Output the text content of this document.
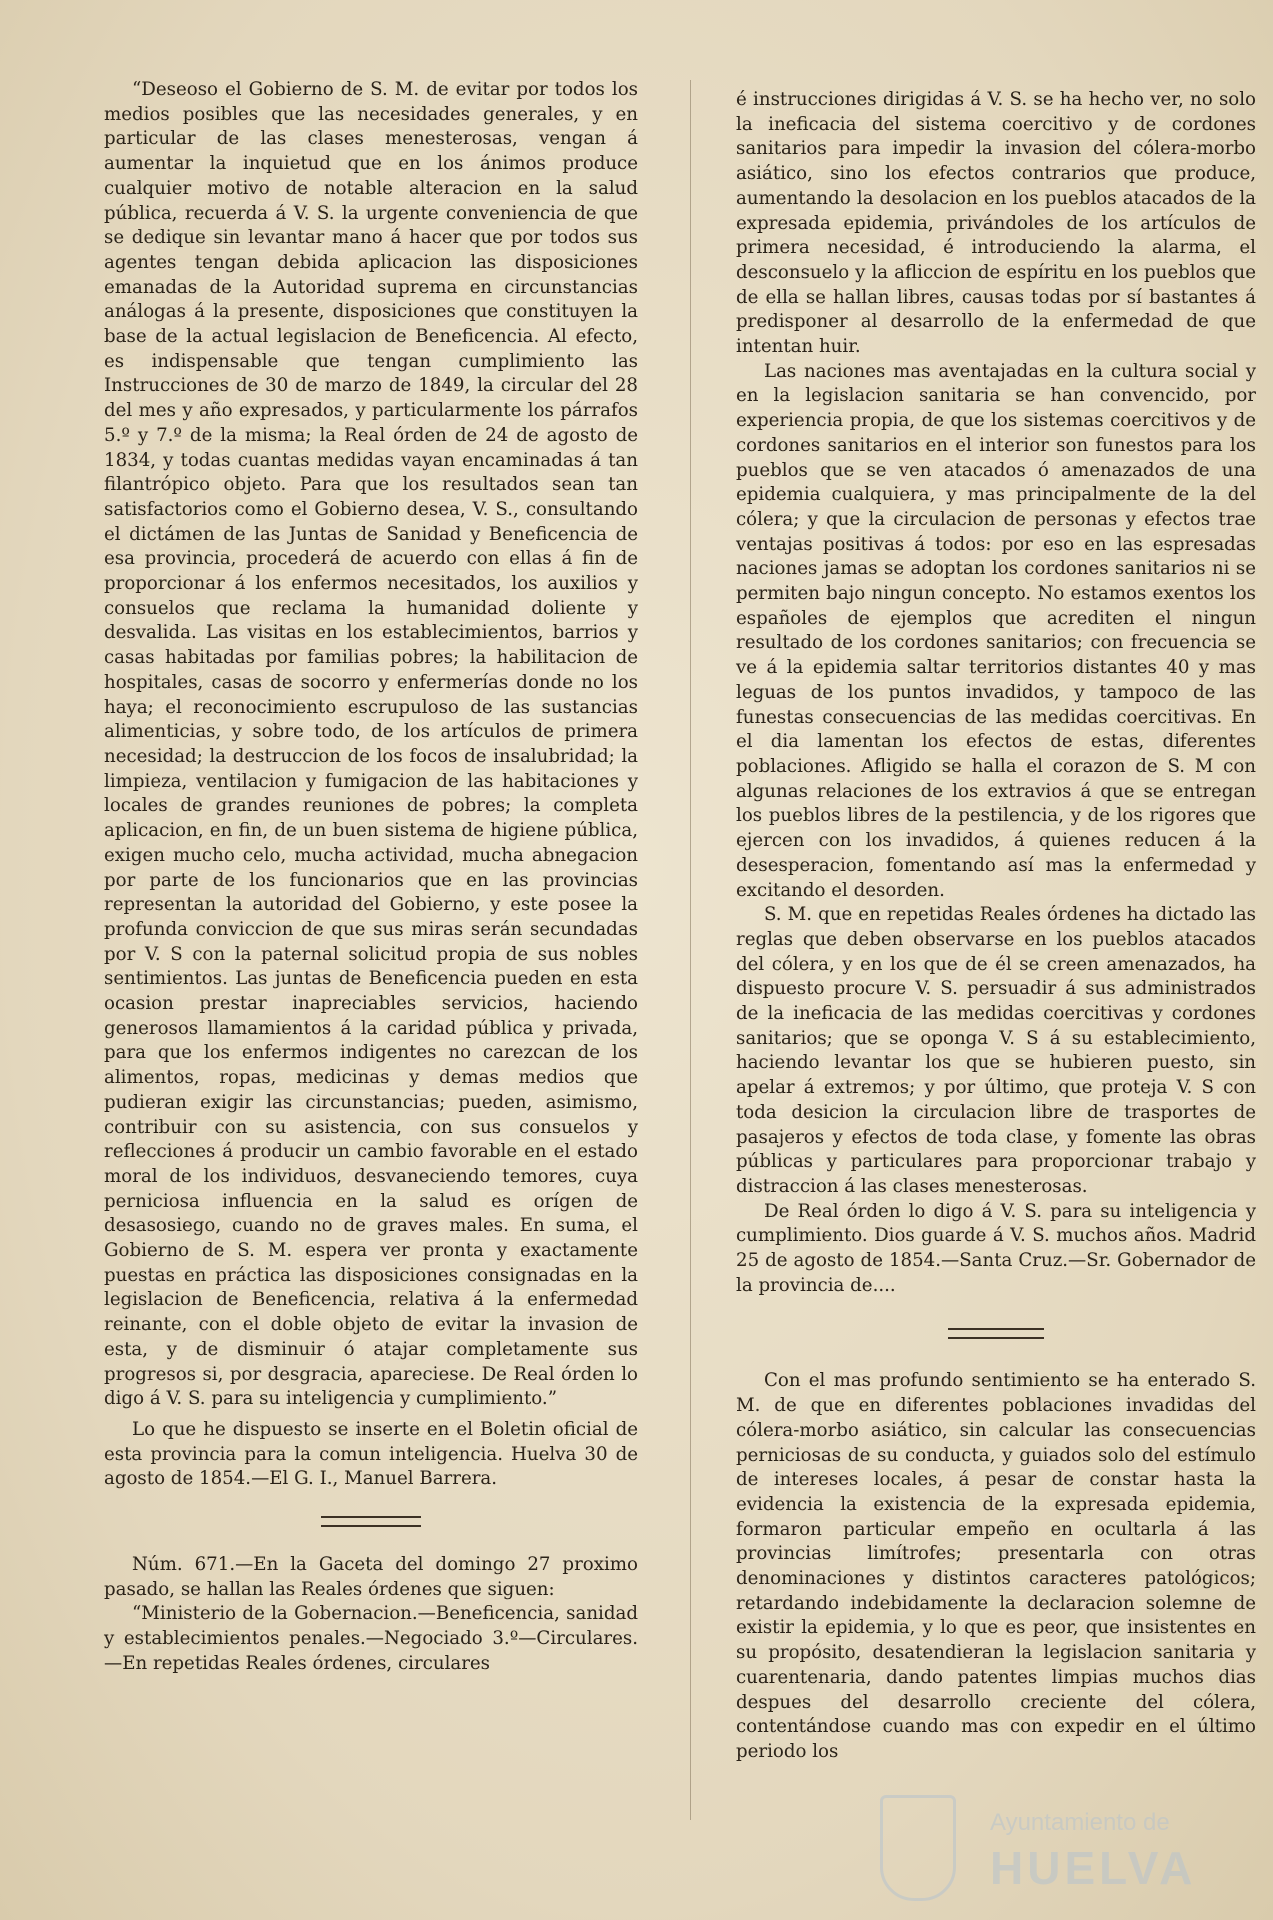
“Deseoso el Gobierno de S. M. de evitar por todos los medios posibles que las necesidades generales, y en particular de las clases menesterosas, vengan á aumentar la inquietud que en los ánimos produce cualquier motivo de notable alteracion en la salud pública, recuerda á V. S. la urgente conveniencia de que se dedique sin levantar mano á hacer que por todos sus agentes tengan debida aplicacion las disposiciones emanadas de la Autoridad suprema en circunstancias análogas á la presente, disposiciones que constituyen la base de la actual legislacion de Beneficencia. Al efecto, es indispensable que tengan cumplimiento las Instrucciones de 30 de marzo de 1849, la circular del 28 del mes y año expresados, y particularmente los párrafos 5.º y 7.º de la misma; la Real órden de 24 de agosto de 1834, y todas cuantas medidas vayan encaminadas á tan filantrópico objeto. Para que los resultados sean tan satisfactorios como el Gobierno desea, V. S., consultando el dictámen de las Juntas de Sanidad y Beneficencia de esa provincia, procederá de acuerdo con ellas á fin de proporcionar á los enfermos necesitados, los auxilios y consuelos que reclama la humanidad doliente y desvalida. Las visitas en los establecimientos, barrios y casas habitadas por familias pobres; la habilitacion de hospitales, casas de socorro y enfermerías donde no los haya; el reconocimiento escrupuloso de las sustancias alimenticias, y sobre todo, de los artículos de primera necesidad; la destruccion de los focos de insalubridad; la limpieza, ventilacion y fumigacion de las habitaciones y locales de grandes reuniones de pobres; la completa aplicacion, en fin, de un buen sistema de higiene pública, exigen mucho celo, mucha actividad, mucha abnegacion por parte de los funcionarios que en las provincias representan la autoridad del Gobierno, y este posee la profunda conviccion de que sus miras serán secundadas por V. S con la paternal solicitud propia de sus nobles sentimientos. Las juntas de Beneficencia pueden en esta ocasion prestar inapreciables servicios, haciendo generosos llamamientos á la caridad pública y privada, para que los enfermos indigentes no carezcan de los alimentos, ropas, medicinas y demas medios que pudieran exigir las circunstancias; pueden, asimismo, contribuir con su asistencia, con sus consuelos y reflecciones á producir un cambio favorable en el estado moral de los individuos, desvaneciendo temores, cuya perniciosa influencia en la salud es orígen de desasosiego, cuando no de graves males. En suma, el Gobierno de S. M. espera ver pronta y exactamente puestas en práctica las disposiciones consignadas en la legislacion de Beneficencia, relativa á la enfermedad reinante, con el doble objeto de evitar la invasion de esta, y de disminuir ó atajar completamente sus progresos si, por desgracia, apareciese. De Real órden lo digo á V. S. para su inteligencia y cumplimiento.”

Lo que he dispuesto se inserte en el Boletin oficial de esta provincia para la comun inteligencia. Huelva 30 de agosto de 1854.—El G. I., Manuel Barrera.

Núm. 671.—En la Gaceta del domingo 27 proximo pasado, se hallan las Reales órdenes que siguen:

“Ministerio de la Gobernacion.—Beneficencia, sanidad y establecimientos penales.—Negociado 3.º—Circulares.—En repetidas Reales órdenes, circulares

é instrucciones dirigidas á V. S. se ha hecho ver, no solo la ineficacia del sistema coercitivo y de cordones sanitarios para impedir la invasion del cólera-morbo asiático, sino los efectos contrarios que produce, aumentando la desolacion en los pueblos atacados de la expresada epidemia, privándoles de los artículos de primera necesidad, é introduciendo la alarma, el desconsuelo y la afliccion de espíritu en los pueblos que de ella se hallan libres, causas todas por sí bastantes á predisponer al desarrollo de la enfermedad de que intentan huir.

Las naciones mas aventajadas en la cultura social y en la legislacion sanitaria se han convencido, por experiencia propia, de que los sistemas coercitivos y de cordones sanitarios en el interior son funestos para los pueblos que se ven atacados ó amenazados de una epidemia cualquiera, y mas principalmente de la del cólera; y que la circulacion de personas y efectos trae ventajas positivas á todos: por eso en las espresadas naciones jamas se adoptan los cordones sanitarios ni se permiten bajo ningun concepto. No estamos exentos los españoles de ejemplos que acrediten el ningun resultado de los cordones sanitarios; con frecuencia se ve á la epidemia saltar territorios distantes 40 y mas leguas de los puntos invadidos, y tampoco de las funestas consecuencias de las medidas coercitivas. En el dia lamentan los efectos de estas, diferentes poblaciones. Afligido se halla el corazon de S. M con algunas relaciones de los extravios á que se entregan los pueblos libres de la pestilencia, y de los rigores que ejercen con los invadidos, á quienes reducen á la desesperacion, fomentando así mas la enfermedad y excitando el desorden.

S. M. que en repetidas Reales órdenes ha dictado las reglas que deben observarse en los pueblos atacados del cólera, y en los que de él se creen amenazados, ha dispuesto procure V. S. persuadir á sus administrados de la ineficacia de las medidas coercitivas y cordones sanitarios; que se oponga V. S á su establecimiento, haciendo levantar los que se hubieren puesto, sin apelar á extremos; y por último, que proteja V. S con toda desicion la circulacion libre de trasportes de pasajeros y efectos de toda clase, y fomente las obras públicas y particulares para proporcionar trabajo y distraccion á las clases menesterosas.

De Real órden lo digo á V. S. para su inteligencia y cumplimiento. Dios guarde á V. S. muchos años. Madrid 25 de agosto de 1854.—Santa Cruz.—Sr. Gobernador de la provincia de....

Con el mas profundo sentimiento se ha enterado S. M. de que en diferentes poblaciones invadidas del cólera-morbo asiático, sin calcular las consecuencias perniciosas de su conducta, y guiados solo del estímulo de intereses locales, á pesar de constar hasta la evidencia la existencia de la expresada epidemia, formaron particular empeño en ocultarla á las provincias limítrofes; presentarla con otras denominaciones y distintos caracteres patológicos; retardando indebidamente la declaracion solemne de existir la epidemia, y lo que es peor, que insistentes en su propósito, desatendieran la legislacion sanitaria y cuarentenaria, dando patentes limpias muchos dias despues del desarrollo creciente del cólera, contentándose cuando mas con expedir en el último periodo los

Ayuntamiento de
HUELVA
